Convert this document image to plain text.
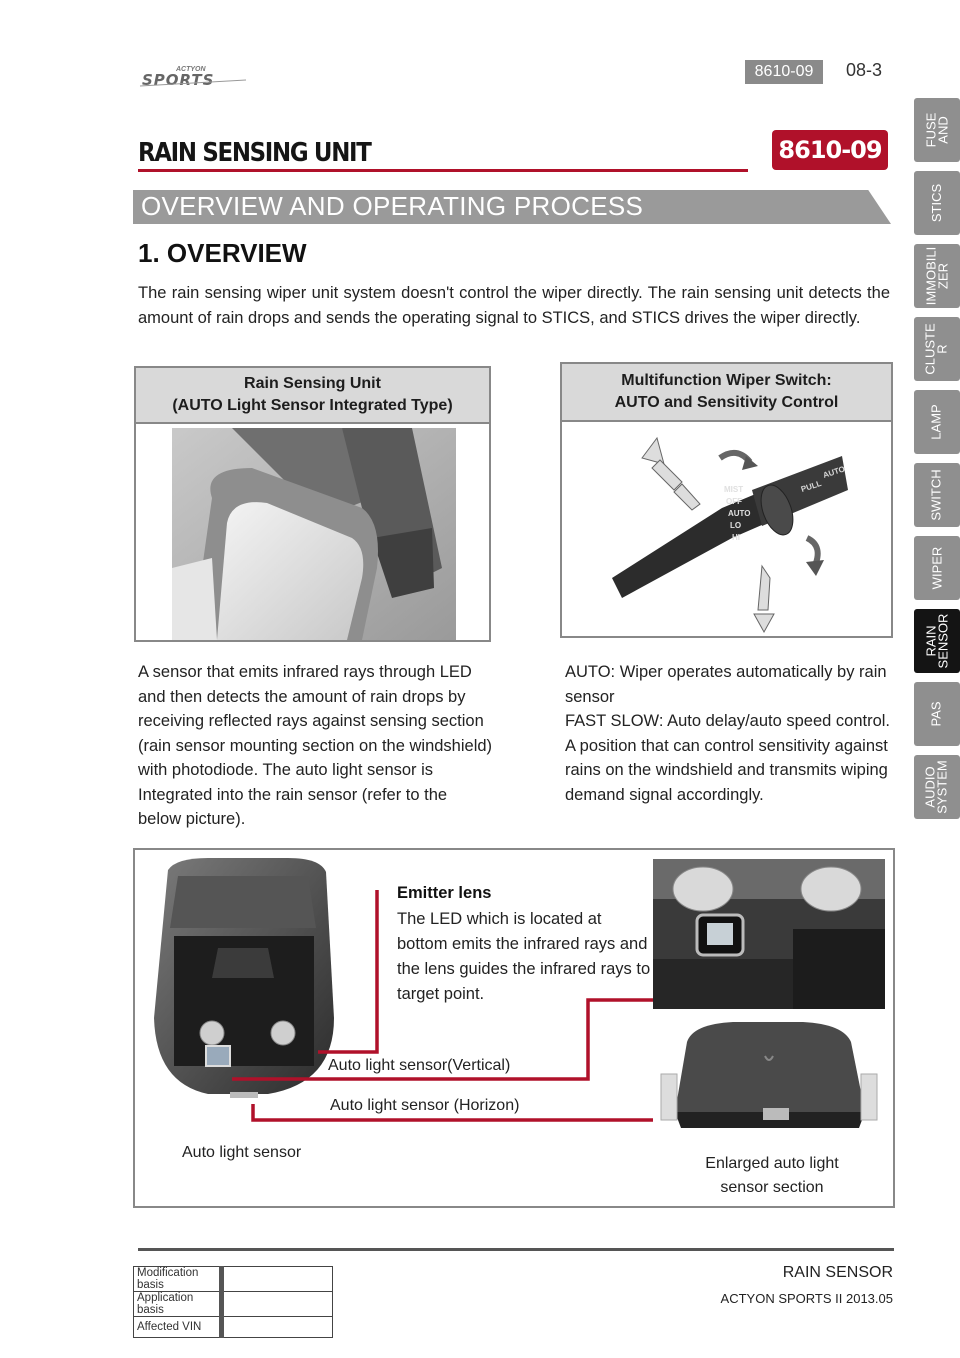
ACTYON
SPORTS	8610-09	08-3
RAIN SENSING UNIT	8610-09
OVERVIEW AND OPERATING PROCESS
1. OVERVIEW
The rain sensing wiper unit system doesn't control the wiper directly. The rain sensing unit detects the amount of rain drops and sends the operating signal to STICS, and STICS drives the wiper directly.
Rain Sensing Unit
(AUTO Light Sensor Integrated Type)
Multifunction Wiper Switch:
AUTO and Sensitivity Control
MIST
OFF
AUTO
LO
HI
PULL
AUTO

A sensor that emits infrared rays through LED and then detects the amount of rain drops by receiving reflected rays against sensing section (rain sensor mounting section on the windshield) with photodiode. The auto light sensor is Integrated into the rain sensor (refer to the below picture).

AUTO: Wiper operates automatically by rain sensor

FAST SLOW: Auto delay/auto speed control. A position that can control sensitivity against rains on the windshield and transmits wiping demand signal accordingly.

Emitter lens
The LED which is located at bottom emits the infrared rays and the lens guides the infrared rays to target point.
Auto light sensor(Vertical)
Auto light sensor (Horizon)
Auto light sensor
Enlarged auto light
sensor section
Modification basis	
Application basis	
Affected VIN	
RAIN SENSOR
ACTYON SPORTS II 2013.05
FUSE
AND
STICS
IMMOBILI
ZER
CLUSTE
R
LAMP
SWITCH
WIPER
RAIN
SENSOR
PAS
AUDIO
SYSTEM
